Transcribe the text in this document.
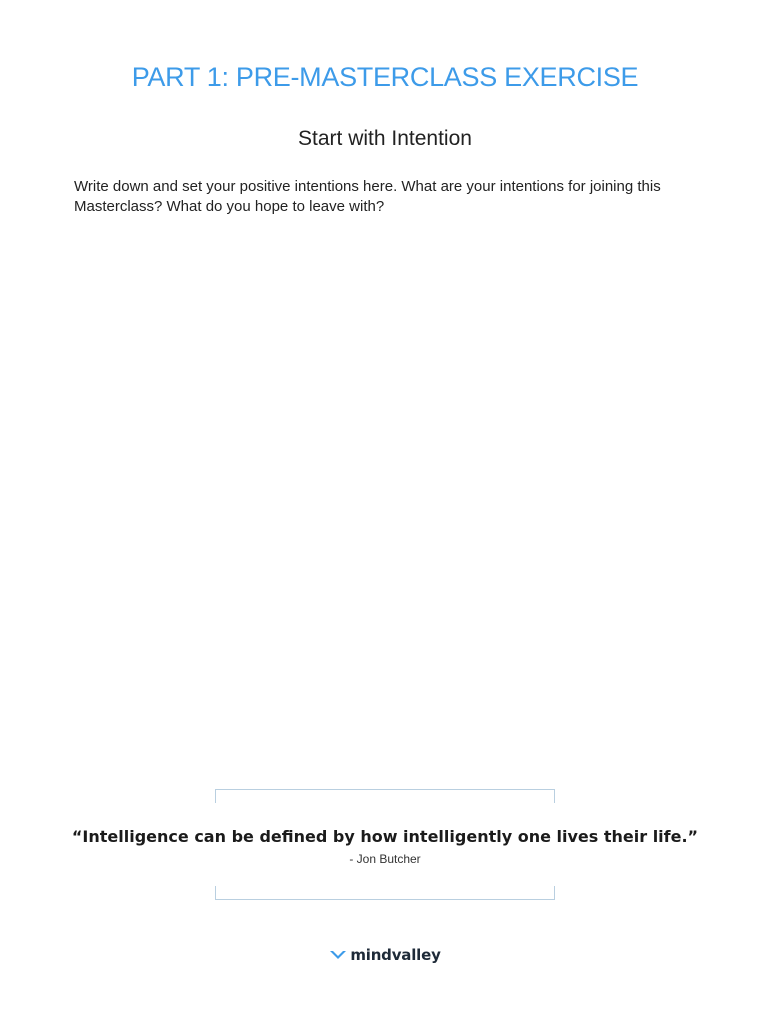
PART 1: PRE-MASTERCLASS EXERCISE
Start with Intention

Write down and set your positive intentions here. What are your intentions for joining this Masterclass? What do you hope to leave with?

“Intelligence can be defined by how intelligently one lives their life.”

- Jon Butcher

mindvalley
